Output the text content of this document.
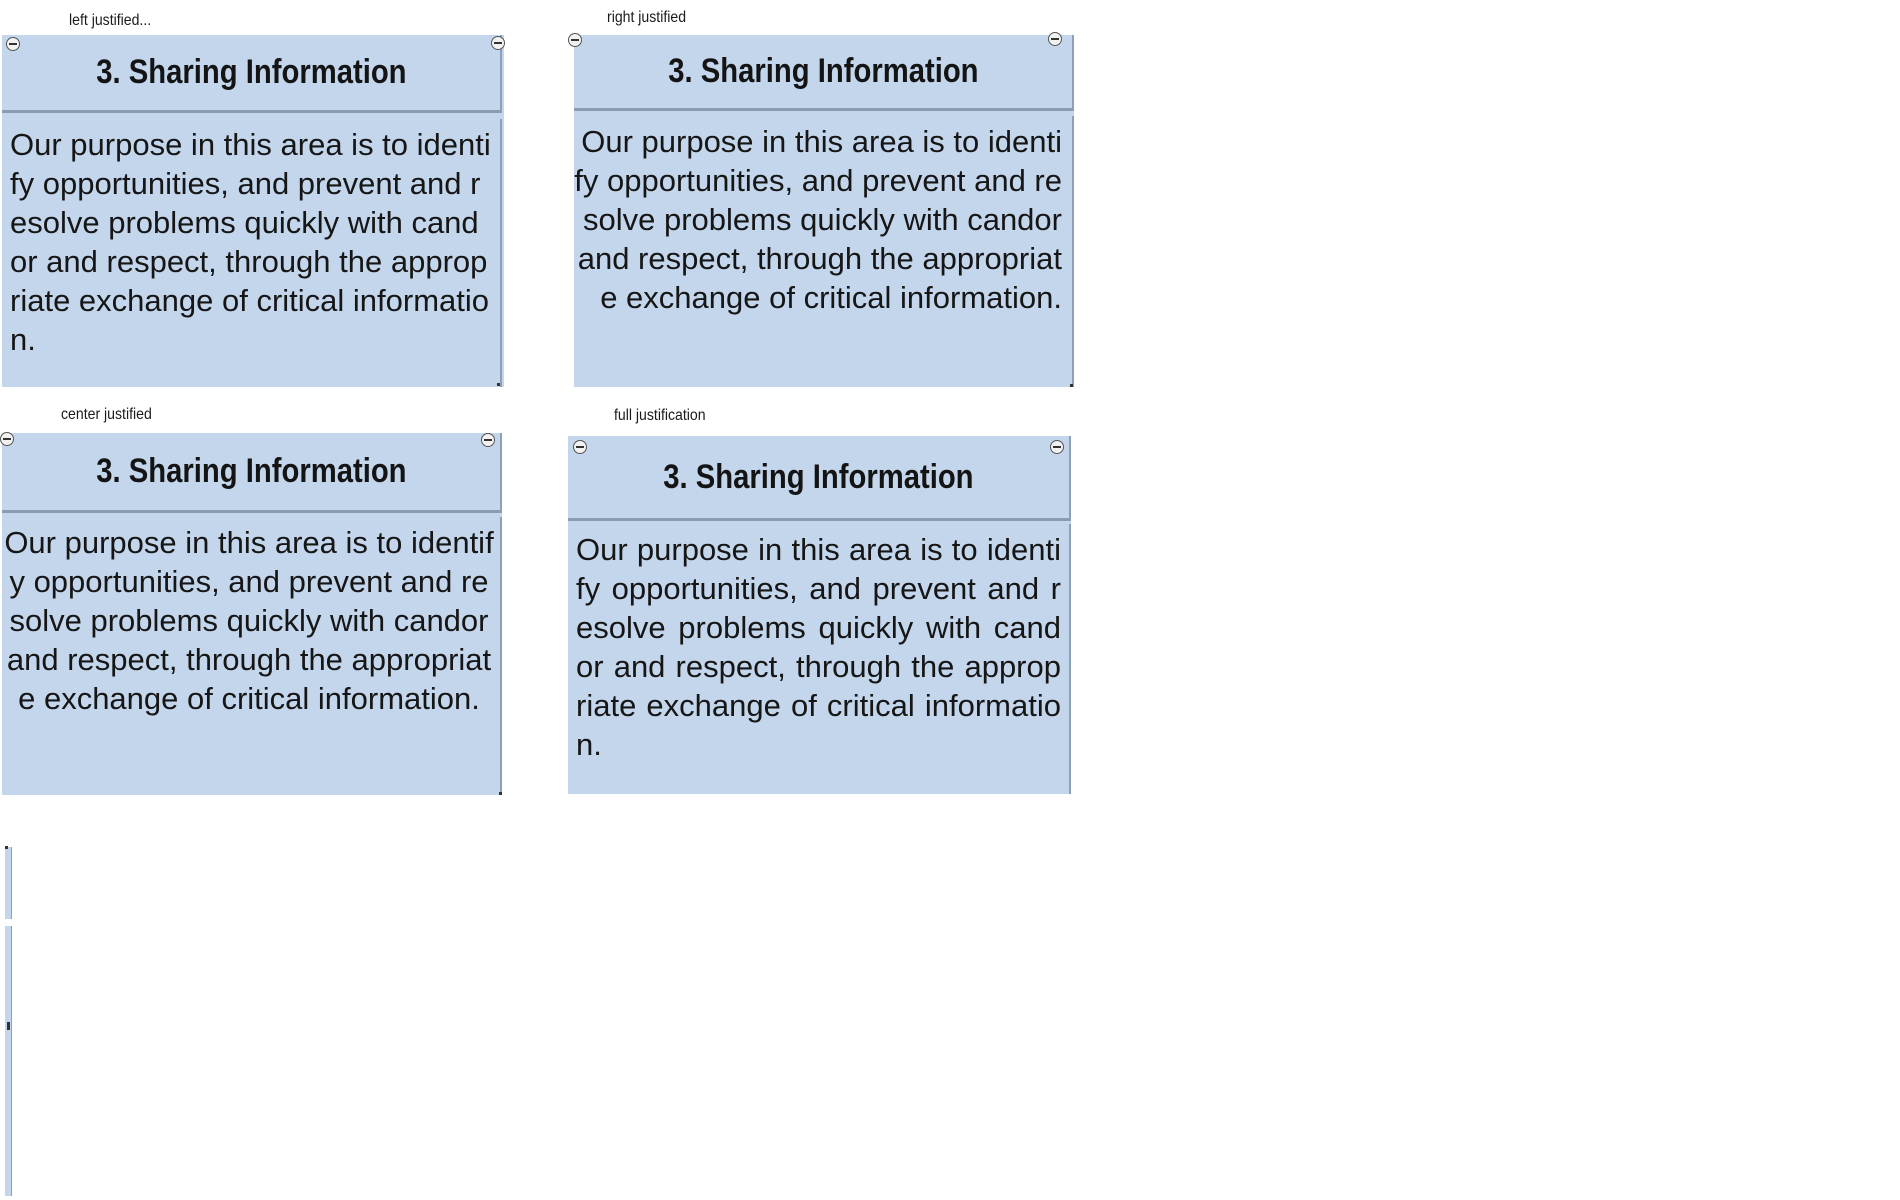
left justified...
3. Sharing Information
Our purpose in this area is to identify opportunities, and prevent and resolve problems quickly with candor and respect, through the appropriate exchange of critical information.
right justified
3. Sharing Information
Our purpose in this area is to identify opportunities, and prevent and resolve problems quickly with candor and respect, through the appropriate exchange of critical information.
center justified
3. Sharing Information
Our purpose in this area is to identify opportunities, and prevent and resolve problems quickly with candor and respect, through the appropriate exchange of critical information.
full justification
3. Sharing Information
Our purpose in this area is to identify opportunities, and prevent and resolve problems quickly with candor and respect, through the appropriate exchange of critical information.
